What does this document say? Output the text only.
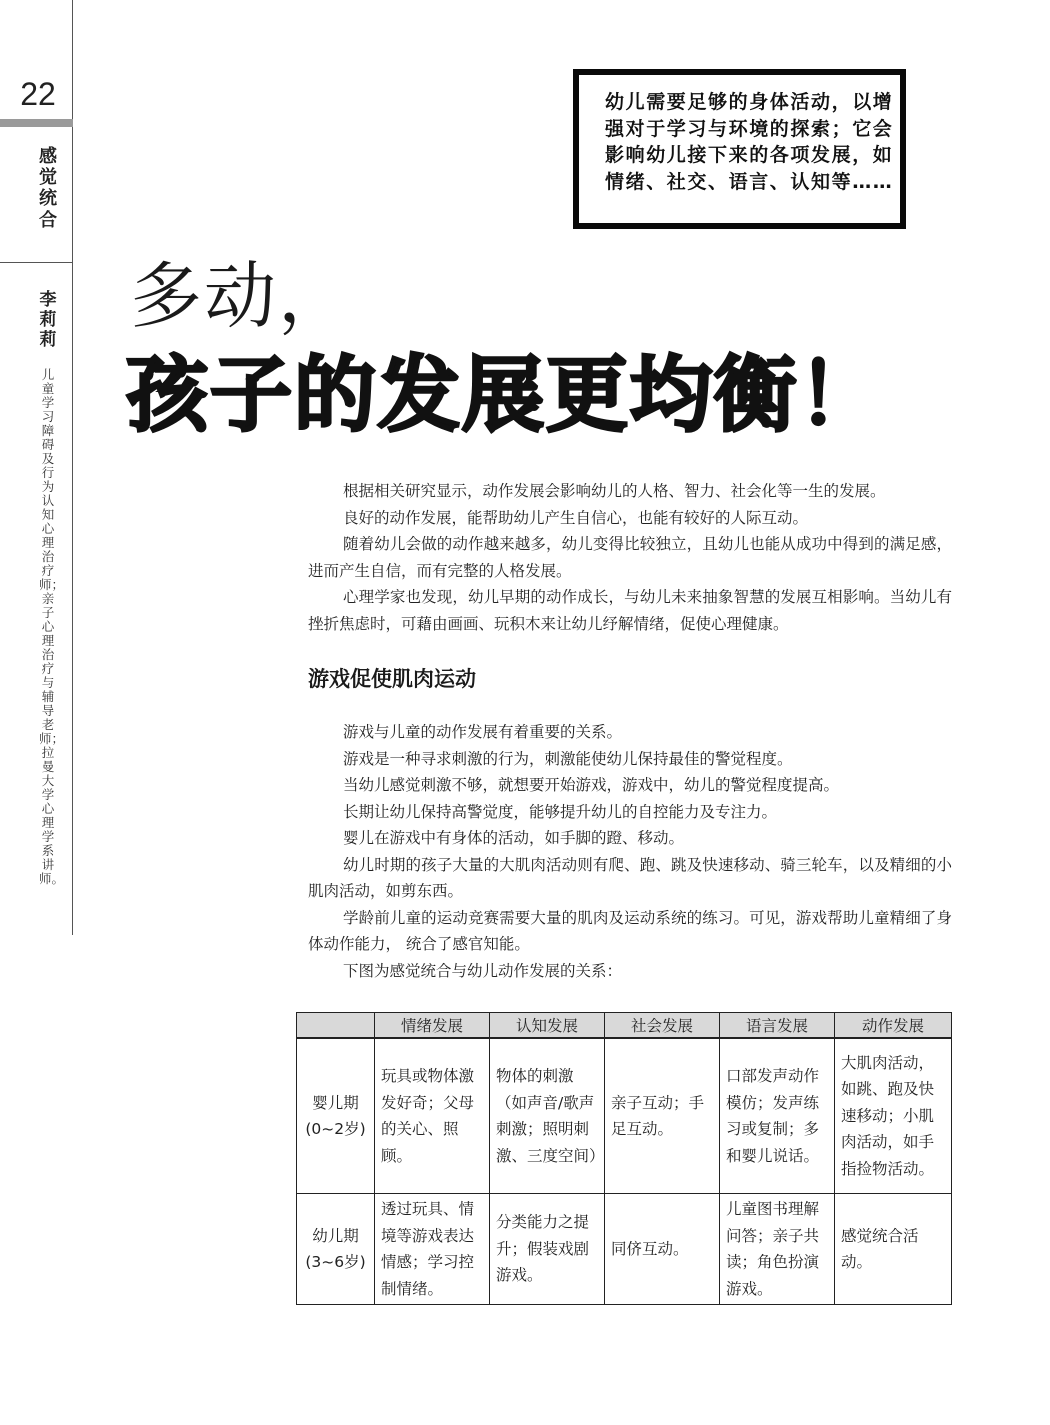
22
感觉统合
李莉莉
儿童学习障碍及行为认知心理治疗师；亲子心理治疗与辅导老师；拉曼大学心理学系讲师。

幼儿需要足够的身体活动，以增强对于学习与环境的探索；它会影响幼儿接下来的各项发展，如情绪、社交、语言、认知等……

多动，
孩子的发展更均衡！

根据相关研究显示，动作发展会影响幼儿的人格、智力、社会化等一生的发展。

良好的动作发展，能帮助幼儿产生自信心，也能有较好的人际互动。

随着幼儿会做的动作越来越多，幼儿变得比较独立，且幼儿也能从成功中得到的满足感，进而产生自信，而有完整的人格发展。

心理学家也发现，幼儿早期的动作成长，与幼儿未来抽象智慧的发展互相影响。当幼儿有挫折焦虑时，可藉由画画、玩积木来让幼儿纾解情绪，促使心理健康。

游戏促使肌肉运动

游戏与儿童的动作发展有着重要的关系。

游戏是一种寻求刺激的行为，刺激能使幼儿保持最佳的警觉程度。

当幼儿感觉刺激不够，就想要开始游戏，游戏中，幼儿的警觉程度提高。

长期让幼儿保持高警觉度，能够提升幼儿的自控能力及专注力。

婴儿在游戏中有身体的活动，如手脚的蹬、移动。

幼儿时期的孩子大量的大肌肉活动则有爬、跑、跳及快速移动、骑三轮车，以及精细的小肌肉活动，如剪东西。

学龄前儿童的运动竞赛需要大量的肌肉及运动系统的练习。可见，游戏帮助儿童精细了身体动作能力， 统合了感官知能。

下图为感觉统合与幼儿动作发展的关系：

	情绪发展	认知发展	社会发展	语言发展	动作发展

婴儿期
(0~2岁)	玩具或物体激发好奇；父母的关心、照顾。	物体的刺激（如声音/歌声刺激；照明刺激、三度空间）	亲子互动；手足互动。	口部发声动作模仿；发声练习或复制；多和婴儿说话。	大肌肉活动，如跳、跑及快速移动；小肌肉活动，如手指捡物活动。

幼儿期
(3~6岁)	透过玩具、情境等游戏表达情感；学习控制情绪。	分类能力之提升；假装戏剧游戏。	同侪互动。	儿童图书理解问答；亲子共读；角色扮演游戏。	感觉统合活动。
